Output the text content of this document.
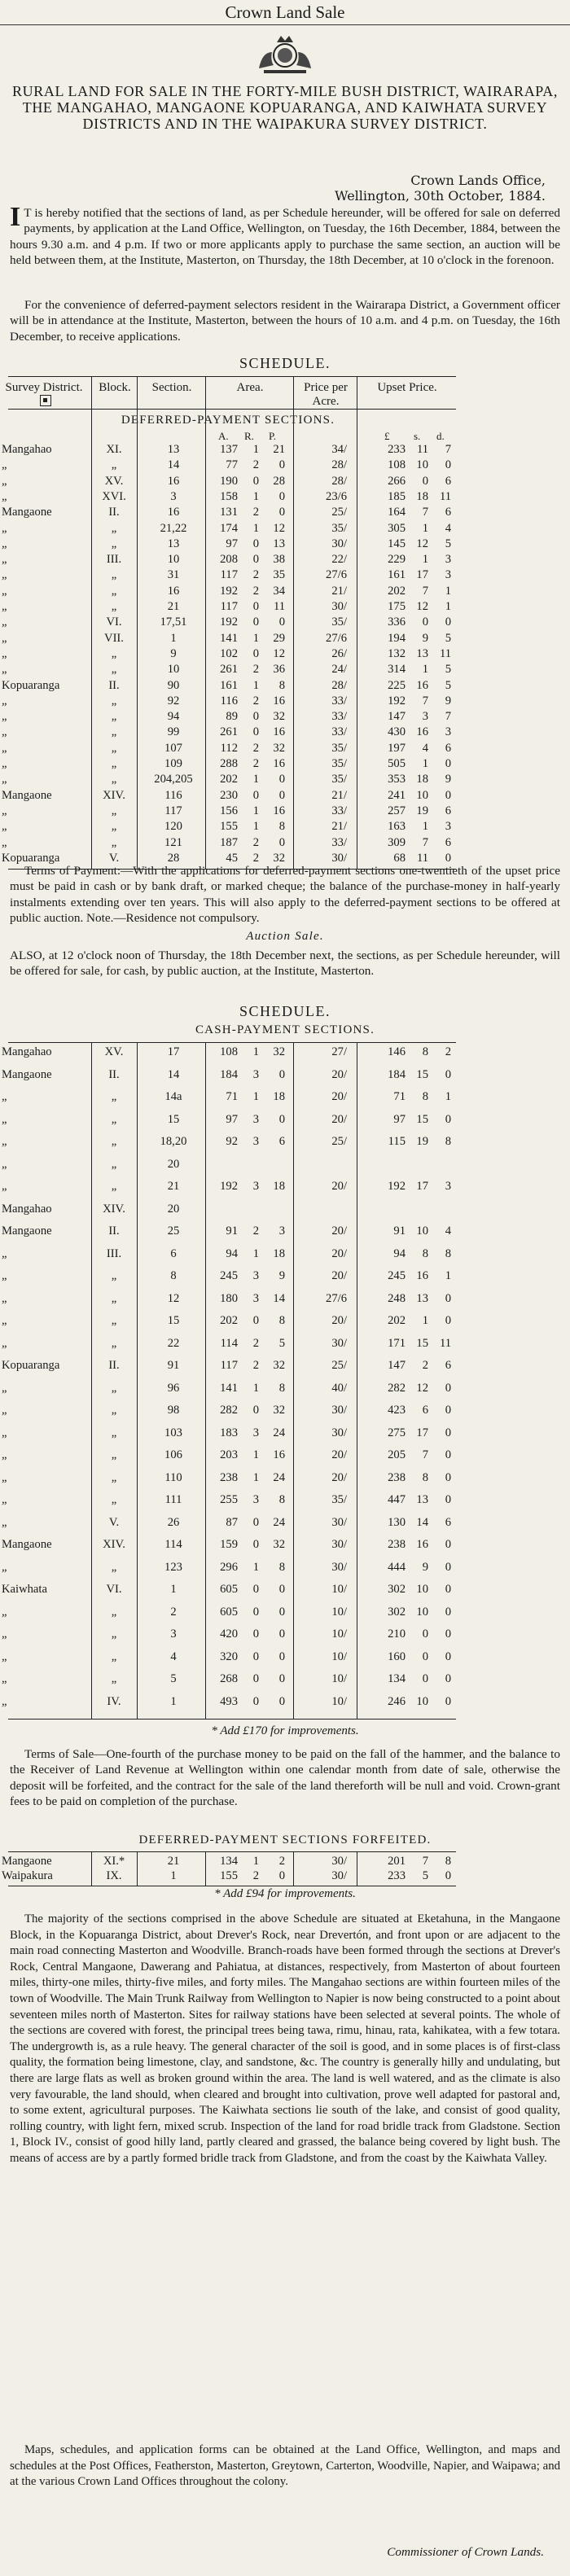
Crown Land Sale
RURAL LAND FOR SALE IN THE FORTY-MILE BUSH DISTRICT, WAIRARAPA, THE MANGAHAO, MANGAONE KOPUARANGA, AND KAIWHATA SURVEY DISTRICTS AND IN THE WAIPAKURA SURVEY DISTRICT.
Crown Lands Office,
Wellington, 30th October, 1884.
I T is hereby notified that the sections of land, as per Schedule hereunder, will be offered for sale on deferred payments, by application at the Land Office, Wellington, on Tuesday, the 16th December, 1884, between the hours 9.30 a.m. and 4 p.m. If two or more applicants apply to purchase the same section, an auction will be held between them, at the Institute, Masterton, on Thursday, the 18th December, at 10 o'clock in the forenoon.
For the convenience of deferred-payment selectors resident in the Wairarapa District, a Government officer will be in attendance at the Institute, Masterton, between the hours of 10 a.m. and 4 p.m. on Tuesday, the 16th December, to receive applications.
SCHEDULE.
Survey District.	Block.	Section.	Area.	Price per Acre.
Upset Price.
DEFERRED-PAYMENT SECTIONS.
A. R. P.	£ s. d.
Mangahao	XI.	13	137	1	21	34/	233 11	7
„	„	14	77	2	0	28/	108 10	0
„	XV.	16	190	0	28	28/	266	0	6
„	XVI.	3	158	1	0	23/6	185 18 11
Mangaone	II.	16	131	2	0	25/	164	7	6
„	„	21,22	174	1	12	35/	305	1	4
„	„	13	97	0	13	30/	145 12	5
„	III.	10	208	0	38	22/	229	1	3
„	„	31	117	2	35	27/6	161 17	3
„	„	16	192	2	34	21/	202	7	1
„	„	21	117	0	11	30/	175 12	1
„	VI.	17,51	192	0	0	35/	336	0	0
„	VII.	1	141	1	29	27/6	194	9	5
„	„	9	102	0	12	26/	132 13 11
„	„	10	261	2	36	24/	314	1	5
Kopuaranga	II.	90	161	1	8	28/	225 16	5
„	„	92	116	2	16	33/	192	7	9
„	„	94	89	0	32	33/	147	3	7
„	„	99	261	0	16	33/	430 16	3
„	„	107	112	2	32	35/	197	4	6
„	„	109	288	2	16	35/	505	1	0
„	„	204,205	202	1	0	35/	353 18	9
Mangaone	XIV.	116	230	0	0	21/	241 10	0
„	„	117	156	1	16	33/	257 19	6
„	„	120	155	1	8	21/	163	1	3
„	„	121	187	2	0	33/	309	7	6
Kopuaranga	V.	28	45	2	32	30/	68 11	0
Terms of Payment:—With the applications for deferred-payment sections one-twentieth of the upset price must be paid in cash or by bank draft, or marked cheque; the balance of the purchase-money in half-yearly instalments extending over ten years. This will also apply to the deferred-payment sections to be offered at public auction. Note.—Residence not compulsory.
Auction Sale.
ALSO, at 12 o'clock noon of Thursday, the 18th December next, the sections, as per Schedule hereunder, will be offered for sale, for cash, by public auction, at the Institute, Masterton.
SCHEDULE.
CASH-PAYMENT SECTIONS.
Mangahao	XV.	17	108	1	32	27/	146	8	2
Mangaone	II.	14	184	3	0	20/	184 15	0
„	„	14a	71	1	18	20/	71	8	1
„	„	15	97	3	0	20/	97 15	0
„	„	18,20	92	3	6	25/	115 19	8
„	„	20
„	„	21	192	3	18	20/	192 17	3
Mangahao	XIV.	20
Mangaone	II.	25	91	2	3	20/	91 10	4
„	III.	6	94	1	18	20/	94	8	8
„	„	8	245	3	9	20/	245 16	1
„	„	12	180	3	14	27/6	248 13	0
„	„	15	202	0	8	20/	202	1	0
„	„	22	114	2	5	30/	171 15 11
Kopuaranga	II.	91	117	2	32	25/	147	2	6
„	„	96	141	1	8	40/	282 12	0
„	„	98	282	0	32	30/	423	6	0
„	„	103	183	3	24	30/	275 17	0
„	„	106	203	1	16	20/	205	7	0
„	„	110	238	1	24	20/	238	8	0
„	„	111	255	3	8	35/	447 13	0
„	V.	26	87	0	24	30/	130 14	6
Mangaone	XIV.	114	159	0	32	30/	238 16	0
„	„	123	296	1	8	30/	444	9	0
Kaiwhata	VI.	1	605	0	0	10/	302 10	0
„	„	2	605	0	0	10/	302 10	0
„	„	3	420	0	0	10/	210	0	0
„	„	4	320	0	0	10/	160	0	0
„	„	5	268	0	0	10/	134	0	0
„	IV.	1	493	0	0	10/	246 10	0
* Add £170 for improvements.
Terms of Sale—One-fourth of the purchase money to be paid on the fall of the hammer, and the balance to the Receiver of Land Revenue at Wellington within one calendar month from date of sale, otherwise the deposit will be forfeited, and the contract for the sale of the land thereforth will be null and void. Crown-grant fees to be paid on completion of the purchase.
DEFERRED-PAYMENT SECTIONS FORFEITED.
Mangaone	XI.*	21	134	1	2	30/	201	7	8
Waipakura	IX.	1	155	2	0	30/	233	5	0
* Add £94 for improvements.
The majority of the sections comprised in the above Schedule are situated at Eketahuna, in the Mangaone Block, in the Kopuaranga District, about Drever's Rock, near Drevertón, and front upon or are adjacent to the main road connecting Masterton and Woodville. Branch-roads have been formed through the sections at Drever's Rock, Central Mangaone, Dawerang and Pahiatua, at distances, respectively, from Masterton of about fourteen miles, thirty-one miles, thirty-five miles, and forty miles. The Mangahao sections are within fourteen miles of the town of Woodville. The Main Trunk Railway from Wellington to Napier is now being constructed to a point about seventeen miles north of Masterton. Sites for railway stations have been selected at several points. The whole of the sections are covered with forest, the principal trees being tawa, rimu, hinau, rata, kahikatea, with a few totara. The undergrowth is, as a rule heavy. The general character of the soil is good, and in some places is of first-class quality, the formation being limestone, clay, and sandstone, &c. The country is generally hilly and undulating, but there are large flats as well as broken ground within the area. The land is well watered, and as the climate is also very favourable, the land should, when cleared and brought into cultivation, prove well adapted for pastoral and, to some extent, agricultural purposes. The Kaiwhata sections lie south of the lake, and consist of good quality, rolling country, with light fern, mixed scrub. Inspection of the land for road bridle track from Gladstone. Section 1, Block IV., consist of good hilly land, partly cleared and grassed, the balance being covered by light bush. The means of access are by a partly formed bridle track from Gladstone, and from the coast by the Kaiwhata Valley.
Maps, schedules, and application forms can be obtained at the Land Office, Wellington, and maps and schedules at the Post Offices, Featherston, Masterton, Greytown, Carterton, Woodville, Napier, and Waipawa; and at the various Crown Land Offices throughout the colony.
Commissioner of Crown Lands.
